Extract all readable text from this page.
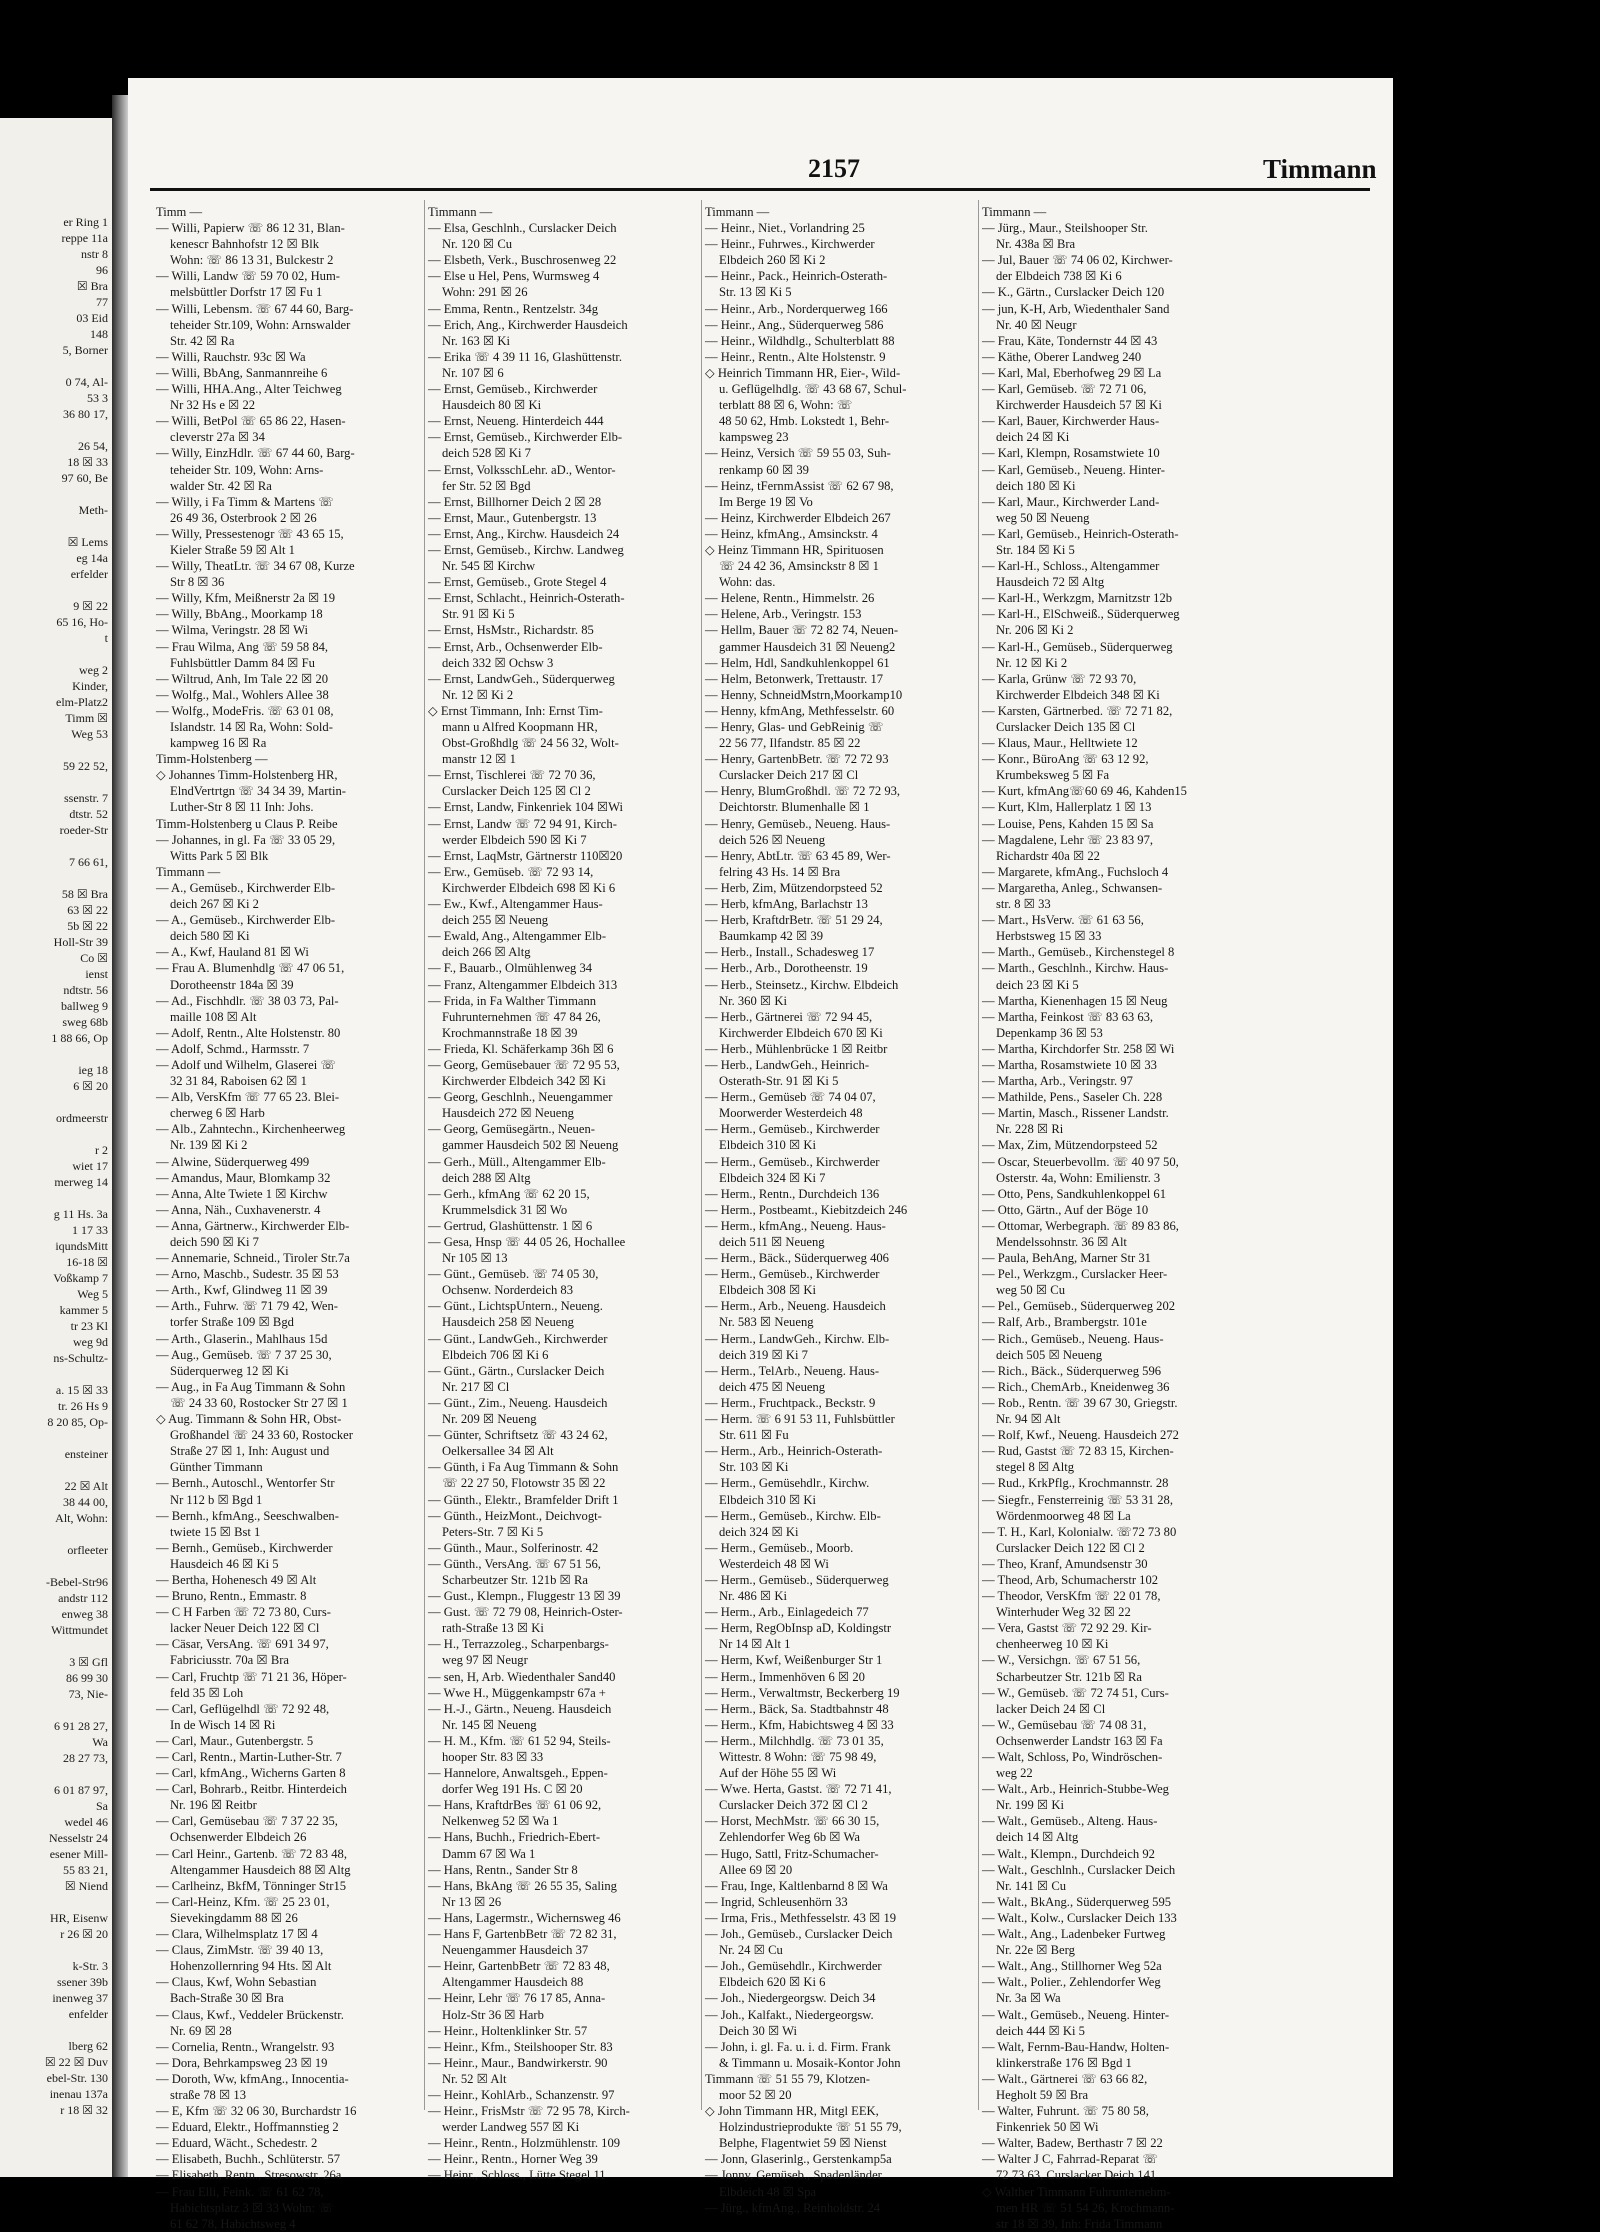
er Ring 1
reppe 11a
nstr 8
96
☒ Bra
77
03 Eid
148
5, Borner

0 74, Al-
53 3
36 80 17,

26 54,
18 ☒ 33
97 60, Be

Meth-

☒ Lems
eg 14a
erfelder

9 ☒ 22
65 16, Ho-
t

weg 2
Kinder,
elm-Platz2
Timm ☒
Weg 53

59 22 52,

ssenstr. 7
dtstr. 52
roeder-Str

7 66 61,

58 ☒ Bra
63 ☒ 22
5b ☒ 22
Holl-Str 39
Co ☒
ienst
ndtstr. 56
ballweg 9
sweg 68b
1 88 66, Op

ieg 18
6 ☒ 20

ordmeerstr

r 2
wiet 17
merweg 14

g 11 Hs. 3a
1 17 33
iqundsMitt
16-18 ☒
Voßkamp 7
Weg 5
kammer 5
tr 23 Kl
weg 9d
ns-Schultz-

a. 15 ☒ 33
tr. 26 Hs 9
8 20 85, Op-

ensteiner

22 ☒ Alt
38 44 00,
Alt, Wohn:

orfleeter

-Bebel-Str96
andstr 112
enweg 38
Wittmundet

3 ☒ Gfl
86 99 30
73, Nie-

6 91 28 27,
Wa
28 27 73,

6 01 87 97,
Sa
wedel 46
Nesselstr 24
esener Mill-
55 83 21,
☒ Niend

HR, Eisenw
r 26 ☒ 20

k-Str. 3
ssener 39b
inenweg 37
enfelder

lberg 62
☒ 22 ☒ Duv
ebel-Str. 130
inenau 137a
r 18 ☒ 32
2157	Timmann
Timm —
— Willi, Papierw ☏ 86 12 31, Blan-
kenescr Bahnhofstr 12 ☒ Blk
Wohn: ☏ 86 13 31, Bulckestr 2
— Willi, Landw ☏ 59 70 02, Hum-
melsbüttler Dorfstr 17 ☒ Fu 1
— Willi, Lebensm. ☏ 67 44 60, Barg-
teheider Str.109, Wohn: Arnswalder
Str. 42 ☒ Ra
— Willi, Rauchstr. 93c ☒ Wa
— Willi, BbAng, Sanmannreihe 6
— Willi, HHA.Ang., Alter Teichweg
Nr 32 Hs e ☒ 22
— Willi, BetPol ☏ 65 86 22, Hasen-
cleverstr 27a ☒ 34
— Willy, EinzHdlr. ☏ 67 44 60, Barg-
teheider Str. 109, Wohn: Arns-
walder Str. 42 ☒ Ra
— Willy, i Fa Timm & Martens ☏
26 49 36, Osterbrook 2 ☒ 26
— Willy, Pressestenogr ☏ 43 65 15,
Kieler Straße 59 ☒ Alt 1
— Willy, TheatLtr. ☏ 34 67 08, Kurze
Str 8 ☒ 36
— Willy, Kfm, Meißnerstr 2a ☒ 19
— Willy, BbAng., Moorkamp 18
— Wilma, Veringstr. 28 ☒ Wi
— Frau Wilma, Ang ☏ 59 58 84,
Fuhlsbüttler Damm 84 ☒ Fu
— Wiltrud, Anh, Im Tale 22 ☒ 20
— Wolfg., Mal., Wohlers Allee 38
— Wolfg., ModeFris. ☏ 63 01 08,
Islandstr. 14 ☒ Ra, Wohn: Sold-
kampweg 16 ☒ Ra
Timm-Holstenberg —
◇ Johannes Timm-Holstenberg HR,
ElndVertrtgn ☏ 34 34 39, Martin-
Luther-Str 8 ☒ 11 Inh: Johs.
Timm-Holstenberg u Claus P. Reibe
— Johannes, in gl. Fa ☏ 33 05 29,
Witts Park 5 ☒ Blk
Timmann —
— A., Gemüseb., Kirchwerder Elb-
deich 267 ☒ Ki 2
— A., Gemüseb., Kirchwerder Elb-
deich 580 ☒ Ki
— A., Kwf, Hauland 81 ☒ Wi
— Frau A. Blumenhdlg ☏ 47 06 51,
Dorotheenstr 184a ☒ 39
— Ad., Fischhdlr. ☏ 38 03 73, Pal-
maille 108 ☒ Alt
— Adolf, Rentn., Alte Holstenstr. 80
— Adolf, Schmd., Harmsstr. 7
— Adolf und Wilhelm, Glaserei ☏
32 31 84, Raboisen 62 ☒ 1
— Alb, VersKfm ☏ 77 65 23. Blei-
cherweg 6 ☒ Harb
— Alb., Zahntechn., Kirchenheerweg
Nr. 139 ☒ Ki 2
— Alwine, Süderquerweg 499
— Amandus, Maur, Blomkamp 32
— Anna, Alte Twiete 1 ☒ Kirchw
— Anna, Näh., Cuxhavenerstr. 4
— Anna, Gärtnerw., Kirchwerder Elb-
deich 590 ☒ Ki 7
— Annemarie, Schneid., Tiroler Str.7a
— Arno, Maschb., Sudestr. 35 ☒ 53
— Arth., Kwf, Glindweg 11 ☒ 39
— Arth., Fuhrw. ☏ 71 79 42, Wen-
torfer Straße 109 ☒ Bgd
— Arth., Glaserin., Mahlhaus 15d
— Aug., Gemüseb. ☏ 7 37 25 30,
Süderquerweg 12 ☒ Ki
— Aug., in Fa Aug Timmann & Sohn
☏ 24 33 60, Rostocker Str 27 ☒ 1
◇ Aug. Timmann & Sohn HR, Obst-
Großhandel ☏ 24 33 60, Rostocker
Straße 27 ☒ 1, Inh: August und
Günther Timmann
— Bernh., Autoschl., Wentorfer Str
Nr 112 b ☒ Bgd 1
— Bernh., kfmAng., Seeschwalben-
twiete 15 ☒ Bst 1
— Bernh., Gemüseb., Kirchwerder
Hausdeich 46 ☒ Ki 5
— Bertha, Hohenesch 49 ☒ Alt
— Bruno, Rentn., Emmastr. 8
— C H Farben ☏ 72 73 80, Curs-
lacker Neuer Deich 122 ☒ Cl
— Cäsar, VersAng. ☏ 691 34 97,
Fabriciusstr. 70a ☒ Bra
— Carl, Fruchtp ☏ 71 21 36, Höper-
feld 35 ☒ Loh
— Carl, Geflügelhdl ☏ 72 92 48,
In de Wisch 14 ☒ Ri
— Carl, Maur., Gutenbergstr. 5
— Carl, Rentn., Martin-Luther-Str. 7
— Carl, kfmAng., Wicherns Garten 8
— Carl, Bohrarb., Reitbr. Hinterdeich
Nr. 196 ☒ Reitbr
— Carl, Gemüsebau ☏ 7 37 22 35,
Ochsenwerder Elbdeich 26
— Carl Heinr., Gartenb. ☏ 72 83 48,
Altengammer Hausdeich 88 ☒ Altg
— Carlheinz, BkfM, Tönninger Str15
— Carl-Heinz, Kfm. ☏ 25 23 01,
Sievekingdamm 88 ☒ 26
— Clara, Wilhelmsplatz 17 ☒ 4
— Claus, ZimMstr. ☏ 39 40 13,
Hohenzollernring 94 Hts. ☒ Alt
— Claus, Kwf, Wohn Sebastian
Bach-Straße 30 ☒ Bra
— Claus, Kwf., Veddeler Brückenstr.
Nr. 69 ☒ 28
— Cornelia, Rentn., Wrangelstr. 93
— Dora, Behrkampsweg 23 ☒ 19
— Doroth, Ww, kfmAng., Innocentia-
straße 78 ☒ 13
— E, Kfm ☏ 32 06 30, Burchardstr 16
— Eduard, Elektr., Hoffmannstieg 2
— Eduard, Wächt., Schedestr. 2
— Elisabeth, Buchh., Schlüterstr. 57
— Elisabeth, Rentn., Stresowstr. 26a
— Frau Elli, Feink. ☏ 61 62 78,
Habichtsplatz 3 ☒ 33 Wohn: ☏
61 62 78, Habichtsweg 4
Timmann —
— Elsa, Geschlnh., Curslacker Deich
Nr. 120 ☒ Cu
— Elsbeth, Verk., Buschrosenweg 22
— Else u Hel, Pens, Wurmsweg 4
Wohn: 291 ☒ 26
— Emma, Rentn., Rentzelstr. 34g
— Erich, Ang., Kirchwerder Hausdeich
Nr. 163 ☒ Ki
— Erika ☏ 4 39 11 16, Glashüttenstr.
Nr. 107 ☒ 6
— Ernst, Gemüseb., Kirchwerder
Hausdeich 80 ☒ Ki
— Ernst, Neueng. Hinterdeich 444
— Ernst, Gemüseb., Kirchwerder Elb-
deich 528 ☒ Ki 7
— Ernst, VolksschLehr. aD., Wentor-
fer Str. 52 ☒ Bgd
— Ernst, Billhorner Deich 2 ☒ 28
— Ernst, Maur., Gutenbergstr. 13
— Ernst, Ang., Kirchw. Hausdeich 24
— Ernst, Gemüseb., Kirchw. Landweg
Nr. 545 ☒ Kirchw
— Ernst, Gemüseb., Grote Stegel 4
— Ernst, Schlacht., Heinrich-Osterath-
Str. 91 ☒ Ki 5
— Ernst, HsMstr., Richardstr. 85
— Ernst, Arb., Ochsenwerder Elb-
deich 332 ☒ Ochsw 3
— Ernst, LandwGeh., Süderquerweg
Nr. 12 ☒ Ki 2
◇ Ernst Timmann, Inh: Ernst Tim-
mann u Alfred Koopmann HR,
Obst-Großhdlg ☏ 24 56 32, Wolt-
manstr 12 ☒ 1
— Ernst, Tischlerei ☏ 72 70 36,
Curslacker Deich 125 ☒ Cl 2
— Ernst, Landw, Finkenriek 104 ☒Wi
— Ernst, Landw ☏ 72 94 91, Kirch-
werder Elbdeich 590 ☒ Ki 7
— Ernst, LaqMstr, Gärtnerstr 110☒20
— Erw., Gemüseb. ☏ 72 93 14,
Kirchwerder Elbdeich 698 ☒ Ki 6
— Ew., Kwf., Altengammer Haus-
deich 255 ☒ Neueng
— Ewald, Ang., Altengammer Elb-
deich 266 ☒ Altg
— F., Bauarb., Olmühlenweg 34
— Franz, Altengammer Elbdeich 313
— Frida, in Fa Walther Timmann
Fuhrunternehmen ☏ 47 84 26,
Krochmannstraße 18 ☒ 39
— Frieda, Kl. Schäferkamp 36h ☒ 6
— Georg, Gemüsebauer ☏ 72 95 53,
Kirchwerder Elbdeich 342 ☒ Ki
— Georg, Geschlnh., Neuengammer
Hausdeich 272 ☒ Neueng
— Georg, Gemüsegärtn., Neuen-
gammer Hausdeich 502 ☒ Neueng
— Gerh., Müll., Altengammer Elb-
deich 288 ☒ Altg
— Gerh., kfmAng ☏ 62 20 15,
Krummelsdick 31 ☒ Wo
— Gertrud, Glashüttenstr. 1 ☒ 6
— Gesa, Hnsp ☏ 44 05 26, Hochallee
Nr 105 ☒ 13
— Günt., Gemüseb. ☏ 74 05 30,
Ochsenw. Norderdeich 83
— Günt., LichtspUntern., Neueng.
Hausdeich 258 ☒ Neueng
— Günt., LandwGeh., Kirchwerder
Elbdeich 706 ☒ Ki 6
— Günt., Gärtn., Curslacker Deich
Nr. 217 ☒ Cl
— Günt., Zim., Neueng. Hausdeich
Nr. 209 ☒ Neueng
— Günter, Schriftsetz ☏ 43 24 62,
Oelkersallee 34 ☒ Alt
— Günth, i Fa Aug Timmann & Sohn
☏ 22 27 50, Flotowstr 35 ☒ 22
— Günth., Elektr., Bramfelder Drift 1
— Günth., HeizMont., Deichvogt-
Peters-Str. 7 ☒ Ki 5
— Günth., Maur., Solferinostr. 42
— Günth., VersAng. ☏ 67 51 56,
Scharbeutzer Str. 121b ☒ Ra
— Gust., Klempn., Fluggestr 13 ☒ 39
— Gust. ☏ 72 79 08, Heinrich-Oster-
rath-Straße 13 ☒ Ki
— H., Terrazzoleg., Scharpenbargs-
weg 97 ☒ Neugr
— sen, H, Arb. Wiedenthaler Sand40
— Wwe H., Müggenkampstr 67a +
— H.-J., Gärtn., Neueng. Hausdeich
Nr. 145 ☒ Neueng
— H. M., Kfm. ☏ 61 52 94, Steils-
hooper Str. 83 ☒ 33
— Hannelore, Anwaltsgeh., Eppen-
dorfer Weg 191 Hs. C ☒ 20
— Hans, KraftdrBes ☏ 61 06 92,
Nelkenweg 52 ☒ Wa 1
— Hans, Buchh., Friedrich-Ebert-
Damm 67 ☒ Wa 1
— Hans, Rentn., Sander Str 8
— Hans, BkAng ☏ 26 55 35, Saling
Nr 13 ☒ 26
— Hans, Lagermstr., Wichernsweg 46
— Hans F, GartenbBetr ☏ 72 82 31,
Neuengammer Hausdeich 37
— Heinr, GartenbBetr ☏ 72 83 48,
Altengammer Hausdeich 88
— Heinr, Lehr ☏ 76 17 85, Anna-
Holz-Str 36 ☒ Harb
— Heinr., Holtenklinker Str. 57
— Heinr., Kfm., Steilshooper Str. 83
— Heinr., Maur., Bandwirkerstr. 90
Nr. 52 ☒ Alt
— Heinr., KohlArb., Schanzenstr. 97
— Heinr., FrisMstr ☏ 72 95 78, Kirch-
werder Landweg 557 ☒ Ki
— Heinr., Rentn., Holzmühlenstr. 109
— Heinr., Rentn., Horner Weg 39
— Heinr., Schloss., Lütte Stegel 11
Timmann —
— Heinr., Niet., Vorlandring 25
— Heinr., Fuhrwes., Kirchwerder
Elbdeich 260 ☒ Ki 2
— Heinr., Pack., Heinrich-Osterath-
Str. 13 ☒ Ki 5
— Heinr., Arb., Norderquerweg 166
— Heinr., Ang., Süderquerweg 586
— Heinr., Wildhdlg., Schulterblatt 88
— Heinr., Rentn., Alte Holstenstr. 9
◇ Heinrich Timmann HR, Eier-, Wild-
u. Geflügelhdlg. ☏ 43 68 67, Schul-
terblatt 88 ☒ 6, Wohn: ☏
48 50 62, Hmb. Lokstedt 1, Behr-
kampsweg 23
— Heinz, Versich ☏ 59 55 03, Suh-
renkamp 60 ☒ 39
— Heinz, tFernmAssist ☏ 62 67 98,
Im Berge 19 ☒ Vo
— Heinz, Kirchwerder Elbdeich 267
— Heinz, kfmAng., Amsinckstr. 4
◇ Heinz Timmann HR, Spirituosen
☏ 24 42 36, Amsinckstr 8 ☒ 1
Wohn: das.
— Helene, Rentn., Himmelstr. 26
— Helene, Arb., Veringstr. 153
— Hellm, Bauer ☏ 72 82 74, Neuen-
gammer Hausdeich 31 ☒ Neueng2
— Helm, Hdl, Sandkuhlenkoppel 61
— Helm, Betonwerk, Trettaustr. 17
— Henny, SchneidMstrn,Moorkamp10
— Henny, kfmAng, Methfesselstr. 60
— Henry, Glas- und GebReinig ☏
22 56 77, Ilfandstr. 85 ☒ 22
— Henry, GartenbBetr. ☏ 72 72 93
Curslacker Deich 217 ☒ Cl
— Henry, BlumGroßhdl. ☏ 72 72 93,
Deichtorstr. Blumenhalle ☒ 1
— Henry, Gemüseb., Neueng. Haus-
deich 526 ☒ Neueng
— Henry, AbtLtr. ☏ 63 45 89, Wer-
felring 43 Hs. 14 ☒ Bra
— Herb, Zim, Mützendorpsteed 52
— Herb, kfmAng, Barlachstr 13
— Herb, KraftdrBetr. ☏ 51 29 24,
Baumkamp 42 ☒ 39
— Herb., Install., Schadesweg 17
— Herb., Arb., Dorotheenstr. 19
— Herb., Steinsetz., Kirchw. Elbdeich
Nr. 360 ☒ Ki
— Herb., Gärtnerei ☏ 72 94 45,
Kirchwerder Elbdeich 670 ☒ Ki
— Herb., Mühlenbrücke 1 ☒ Reitbr
— Herb., LandwGeh., Heinrich-
Osterath-Str. 91 ☒ Ki 5
— Herm., Gemüseb ☏ 74 04 07,
Moorwerder Westerdeich 48
— Herm., Gemüseb., Kirchwerder
Elbdeich 310 ☒ Ki
— Herm., Gemüseb., Kirchwerder
Elbdeich 324 ☒ Ki 7
— Herm., Rentn., Durchdeich 136
— Herm., Postbeamt., Kiebitzdeich 246
— Herm., kfmAng., Neueng. Haus-
deich 511 ☒ Neueng
— Herm., Bäck., Süderquerweg 406
— Herm., Gemüseb., Kirchwerder
Elbdeich 308 ☒ Ki
— Herm., Arb., Neueng. Hausdeich
Nr. 583 ☒ Neueng
— Herm., LandwGeh., Kirchw. Elb-
deich 319 ☒ Ki 7
— Herm., TelArb., Neueng. Haus-
deich 475 ☒ Neueng
— Herm., Fruchtpack., Beckstr. 9
— Herm. ☏ 6 91 53 11, Fuhlsbüttler
Str. 611 ☒ Fu
— Herm., Arb., Heinrich-Osterath-
Str. 103 ☒ Ki
— Herm., Gemüsehdlr., Kirchw.
Elbdeich 310 ☒ Ki
— Herm., Gemüseb., Kirchw. Elb-
deich 324 ☒ Ki
— Herm., Gemüseb., Moorb.
Westerdeich 48 ☒ Wi
— Herm., Gemüseb., Süderquerweg
Nr. 486 ☒ Ki
— Herm., Arb., Einlagedeich 77
— Herm, RegObInsp aD, Koldingstr
Nr 14 ☒ Alt 1
— Herm, Kwf, Weißenburger Str 1
— Herm., Immenhöven 6 ☒ 20
— Herm., Verwaltmstr, Beckerberg 19
— Herm., Bäck, Sa. Stadtbahnstr 48
— Herm., Kfm, Habichtsweg 4 ☒ 33
— Herm., Milchhdlg. ☏ 73 01 35,
Wittestr. 8 Wohn: ☏ 75 98 49,
Auf der Höhe 55 ☒ Wi
— Wwe. Herta, Gastst. ☏ 72 71 41,
Curslacker Deich 372 ☒ Cl 2
— Horst, MechMstr. ☏ 66 30 15,
Zehlendorfer Weg 6b ☒ Wa
— Hugo, Sattl, Fritz-Schumacher-
Allee 69 ☒ 20
— Frau, Inge, Kaltlenbarnd 8 ☒ Wa
— Ingrid, Schleusenhörn 33
— Irma, Fris., Methfesselstr. 43 ☒ 19
— Joh., Gemüseb., Curslacker Deich
Nr. 24 ☒ Cu
— Joh., Gemüsehdlr., Kirchwerder
Elbdeich 620 ☒ Ki 6
— Joh., Niedergeorgsw. Deich 34
— Joh., Kalfakt., Niedergeorgsw.
Deich 30 ☒ Wi
— John, i. gl. Fa. u. i. d. Firm. Frank
& Timmann u. Mosaik-Kontor John
Timmann ☏ 51 55 79, Klotzen-
moor 52 ☒ 20
◇ John Timmann HR, Mitgl EEK,
Holzindustrieprodukte ☏ 51 55 79,
Belphe, Flagentwiet 59 ☒ Nienst
— Jonn, Glaserinlg., Gerstenkamp5a
— Jonny, Gemüseb., Spadenländer
Elbdeich 48 ☒ Spa
— Jürg., kfmAng., Reinholdstr. 24
Timmann —
— Jürg., Maur., Steilshooper Str.
Nr. 438a ☒ Bra
— Jul, Bauer ☏ 74 06 02, Kirchwer-
der Elbdeich 738 ☒ Ki 6
— K., Gärtn., Curslacker Deich 120
— jun, K-H, Arb, Wiedenthaler Sand
Nr. 40 ☒ Neugr
— Frau, Käte, Tondernstr 44 ☒ 43
— Käthe, Oberer Landweg 240
— Karl, Mal, Eberhofweg 29 ☒ La
— Karl, Gemüseb. ☏ 72 71 06,
Kirchwerder Hausdeich 57 ☒ Ki
— Karl, Bauer, Kirchwerder Haus-
deich 24 ☒ Ki
— Karl, Klempn, Rosamstwiete 10
— Karl, Gemüseb., Neueng. Hinter-
deich 180 ☒ Ki
— Karl, Maur., Kirchwerder Land-
weg 50 ☒ Neueng
— Karl, Gemüseb., Heinrich-Osterath-
Str. 184 ☒ Ki 5
— Karl-H., Schloss., Altengammer
Hausdeich 72 ☒ Altg
— Karl-H., Werkzgm, Marnitzstr 12b
— Karl-H., ElSchweiß., Süderquerweg
Nr. 206 ☒ Ki 2
— Karl-H., Gemüseb., Süderquerweg
Nr. 12 ☒ Ki 2
— Karla, Grünw ☏ 72 93 70,
Kirchwerder Elbdeich 348 ☒ Ki
— Karsten, Gärtnerbed. ☏ 72 71 82,
Curslacker Deich 135 ☒ Cl
— Klaus, Maur., Helltwiete 12
— Konr., BüroAng ☏ 63 12 92,
Krumbeksweg 5 ☒ Fa
— Kurt, kfmAng☏60 69 46, Kahden15
— Kurt, Klm, Hallerplatz 1 ☒ 13
— Louise, Pens, Kahden 15 ☒ Sa
— Magdalene, Lehr ☏ 23 83 97,
Richardstr 40a ☒ 22
— Margarete, kfmAng., Fuchsloch 4
— Margaretha, Anleg., Schwansen-
str. 8 ☒ 33
— Mart., HsVerw. ☏ 61 63 56,
Herbstsweg 15 ☒ 33
— Marth., Gemüseb., Kirchenstegel 8
— Marth., Geschlnh., Kirchw. Haus-
deich 23 ☒ Ki 5
— Martha, Kienenhagen 15 ☒ Neug
— Martha, Feinkost ☏ 83 63 63,
Depenkamp 36 ☒ 53
— Martha, Kirchdorfer Str. 258 ☒ Wi
— Martha, Rosamstwiete 10 ☒ 33
— Martha, Arb., Veringstr. 97
— Mathilde, Pens., Saseler Ch. 228
— Martin, Masch., Rissener Landstr.
Nr. 228 ☒ Ri
— Max, Zim, Mützendorpsteed 52
— Oscar, Steuerbevollm. ☏ 40 97 50,
Osterstr. 4a, Wohn: Emilienstr. 3
— Otto, Pens, Sandkuhlenkoppel 61
— Otto, Gärtn., Auf der Böge 10
— Ottomar, Werbegraph. ☏ 89 83 86,
Mendelssohnstr. 36 ☒ Alt
— Paula, BehAng, Marner Str 31
— Pel., Werkzgm., Curslacker Heer-
weg 50 ☒ Cu
— Pel., Gemüseb., Süderquerweg 202
— Ralf, Arb., Brambergstr. 101e
— Rich., Gemüseb., Neueng. Haus-
deich 505 ☒ Neueng
— Rich., Bäck., Süderquerweg 596
— Rich., ChemArb., Kneidenweg 36
— Rob., Rentn. ☏ 39 67 30, Griegstr.
Nr. 94 ☒ Alt
— Rolf, Kwf., Neueng. Hausdeich 272
— Rud, Gastst ☏ 72 83 15, Kirchen-
stegel 8 ☒ Altg
— Rud., KrkPflg., Krochmannstr. 28
— Siegfr., Fensterreinig ☏ 53 31 28,
Wördenmoorweg 48 ☒ La
— T. H., Karl, Kolonialw. ☏72 73 80
Curslacker Deich 122 ☒ Cl 2
— Theo, Kranf, Amundsenstr 30
— Theod, Arb, Schumacherstr 102
— Theodor, VersKfm ☏ 22 01 78,
Winterhuder Weg 32 ☒ 22
— Vera, Gastst ☏ 72 92 29. Kir-
chenheerweg 10 ☒ Ki
— W., Versichgn. ☏ 67 51 56,
Scharbeutzer Str. 121b ☒ Ra
— W., Gemüseb. ☏ 72 74 51, Curs-
lacker Deich 24 ☒ Cl
— W., Gemüsebau ☏ 74 08 31,
Ochsenwerder Landstr 163 ☒ Fa
— Walt, Schloss, Po, Windröschen-
weg 22
— Walt., Arb., Heinrich-Stubbe-Weg
Nr. 199 ☒ Ki
— Walt., Gemüseb., Alteng. Haus-
deich 14 ☒ Altg
— Walt., Klempn., Durchdeich 92
— Walt., Geschlnh., Curslacker Deich
Nr. 141 ☒ Cu
— Walt., BkAng., Süderquerweg 595
— Walt., Kolw., Curslacker Deich 133
— Walt., Ang., Ladenbeker Furtweg
Nr. 22e ☒ Berg
— Walt., Ang., Stillhorner Weg 52a
— Walt., Polier., Zehlendorfer Weg
Nr. 3a ☒ Wa
— Walt., Gemüseb., Neueng. Hinter-
deich 444 ☒ Ki 5
— Walt, Fernm-Bau-Handw, Holten-
klinkerstraße 176 ☒ Bgd 1
— Walt., Gärtnerei ☏ 63 66 82,
Hegholt 59 ☒ Bra
— Walter, Fuhrunt. ☏ 75 80 58,
Finkenriek 50 ☒ Wi
— Walter, Badew, Berthastr 7 ☒ 22
— Walter J C, Fahrrad-Reparat ☏
72 73 63, Curslacker Deich 141
◇ Walther Timmann Fuhrunternehm-
men HR ☏ 51 54 26, Krochmann-
str 18 ☒ 39, Inh: Frida Timmann
